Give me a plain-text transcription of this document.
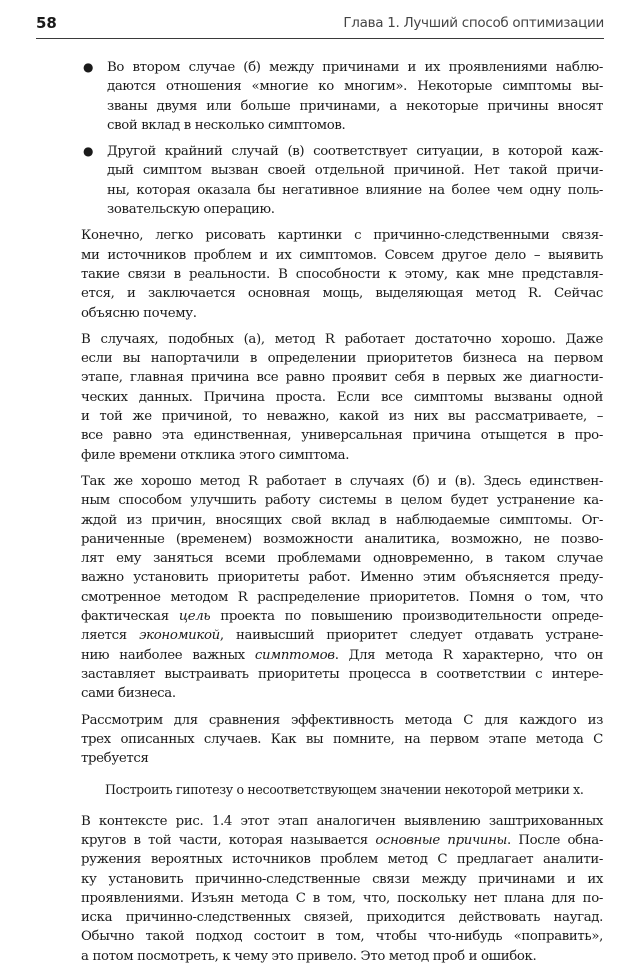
58	Глава 1. Лучший способ оптимизации
● Во втором случае (б) между причинами и их проявлениями наблю-
даются отношения «многие ко многим». Некоторые симптомы вы-
званы двумя или больше причинами, а некоторые причины вносят
свой вклад в несколько симптомов.
● Другой крайний случай (в) соответствует ситуации, в которой каж-
дый симптом вызван своей отдельной причиной. Нет такой причи-
ны, которая оказала бы негативное влияние на более чем одну поль-
зовательскую операцию.
Конечно, легко рисовать картинки с причинно-следственными связя-
ми источников проблем и их симптомов. Совсем другое дело – выявить
такие связи в реальности. В способности к этому, как мне представля-
ется, и заключается основная мощь, выделяющая метод R. Сейчас
объясню почему.
В случаях, подобных (а), метод R работает достаточно хорошо. Даже
если вы напортачили в определении приоритетов бизнеса на первом
этапе, главная причина все равно проявит себя в первых же диагности-
ческих данных. Причина проста. Если все симптомы вызваны одной
и той же причиной, то неважно, какой из них вы рассматриваете, –
все равно эта единственная, универсальная причина отыщется в про-
филе времени отклика этого симптома.
Так же хорошо метод R работает в случаях (б) и (в). Здесь единствен-
ным способом улучшить работу системы в целом будет устранение ка-
ждой из причин, вносящих свой вклад в наблюдаемые симптомы. Ог-
раниченные (временем) возможности аналитика, возможно, не позво-
лят ему заняться всеми проблемами одновременно, в таком случае
важно установить приоритеты работ. Именно этим объясняется преду-
смотренное методом R распределение приоритетов. Помня о том, что
фактическая цель проекта по повышению производительности опреде-
ляется экономикой, наивысший приоритет следует отдавать устране-
нию наиболее важных симптомов. Для метода R характерно, что он
заставляет выстраивать приоритеты процесса в соответствии с интере-
сами бизнеса.
Рассмотрим для сравнения эффективность метода C для каждого из
трех описанных случаев. Как вы помните, на первом этапе метода C
требуется
Построить гипотезу о несоответствующем значении некоторой метрики x.
В контексте рис. 1.4 этот этап аналогичен выявлению заштрихованных
кругов в той части, которая называется основные причины. После обна-
ружения вероятных источников проблем метод C предлагает аналити-
ку установить причинно-следственные связи между причинами и их
проявлениями. Изъян метода C в том, что, поскольку нет плана для по-
иска причинно-следственных связей, приходится действовать наугад.
Обычно такой подход состоит в том, чтобы что-нибудь «поправить»,
а потом посмотреть, к чему это привело. Это метод проб и ошибок.
